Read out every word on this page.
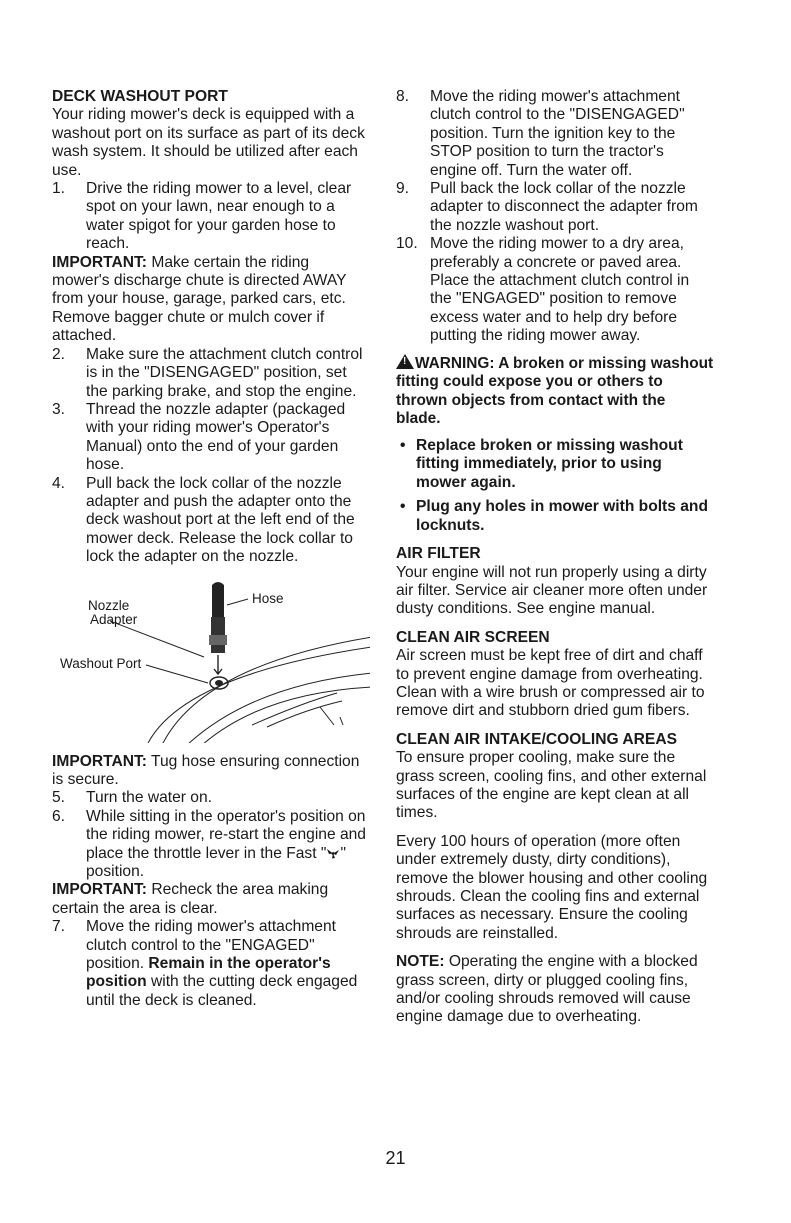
DECK WASHOUT PORT

Your riding mower's deck is equipped with a washout port on its surface as part of its deck wash system. It should be utilized after each use.

1. Drive the riding mower to a level, clear spot on your lawn, near enough to a water spigot for your garden hose to reach.

IMPORTANT: Make certain the riding mower's discharge chute is directed AWAY from your house, garage, parked cars, etc. Remove bagger chute or mulch cover if attached.

2. Make sure the attachment clutch control is in the "DISENGAGED" position, set the parking brake, and stop the engine.
3. Thread the nozzle adapter (packaged with your riding mower's Operator's Manual) onto the end of your garden hose.
4. Pull back the lock collar of the nozzle adapter and push the adapter onto the deck washout port at the left end of the mower deck. Release the lock collar to lock the adapter on the nozzle.
Nozzle
Adapter
Hose
Washout Port

IMPORTANT: Tug hose ensuring connection is secure.

5. Turn the water on.
6. While sitting in the operator's position on the riding mower, re-start the engine and place the throttle lever in the Fast " " position.

IMPORTANT: Recheck the area making certain the area is clear.

7. Move the riding mower's attachment clutch control to the "ENGAGED" position. Remain in the operator's position with the cutting deck engaged until the deck is cleaned.
8. Move the riding mower's attachment clutch control to the "DISENGAGED" position. Turn the ignition key to the STOP position to turn the tractor's engine off. Turn the water off.
9. Pull back the lock collar of the nozzle adapter to disconnect the adapter from the nozzle washout port.
10. Move the riding mower to a dry area, preferably a concrete or paved area. Place the attachment clutch control in the "ENGAGED" position to remove excess water and to help dry before putting the riding mower away.

!WARNING: A broken or missing washout fitting could expose you or others to thrown objects from contact with the blade.

• Replace broken or missing washout fitting immediately, prior to using mower again.
• Plug any holes in mower with bolts and locknuts.

AIR FILTER

Your engine will not run properly using a dirty air filter. Service air cleaner more often under dusty conditions. See engine manual.

CLEAN AIR SCREEN

Air screen must be kept free of dirt and chaff to prevent engine damage from overheating. Clean with a wire brush or compressed air to remove dirt and stubborn dried gum fibers.

CLEAN AIR INTAKE/COOLING AREAS

To ensure proper cooling, make sure the grass screen, cooling fins, and other external surfaces of the engine are kept clean at all times.

Every 100 hours of operation (more often under extremely dusty, dirty conditions), remove the blower housing and other cooling shrouds. Clean the cooling fins and external surfaces as necessary. Ensure the cooling shrouds are reinstalled.

NOTE: Operating the engine with a blocked grass screen, dirty or plugged cooling fins, and/or cooling shrouds removed will cause engine damage due to overheating.

21
